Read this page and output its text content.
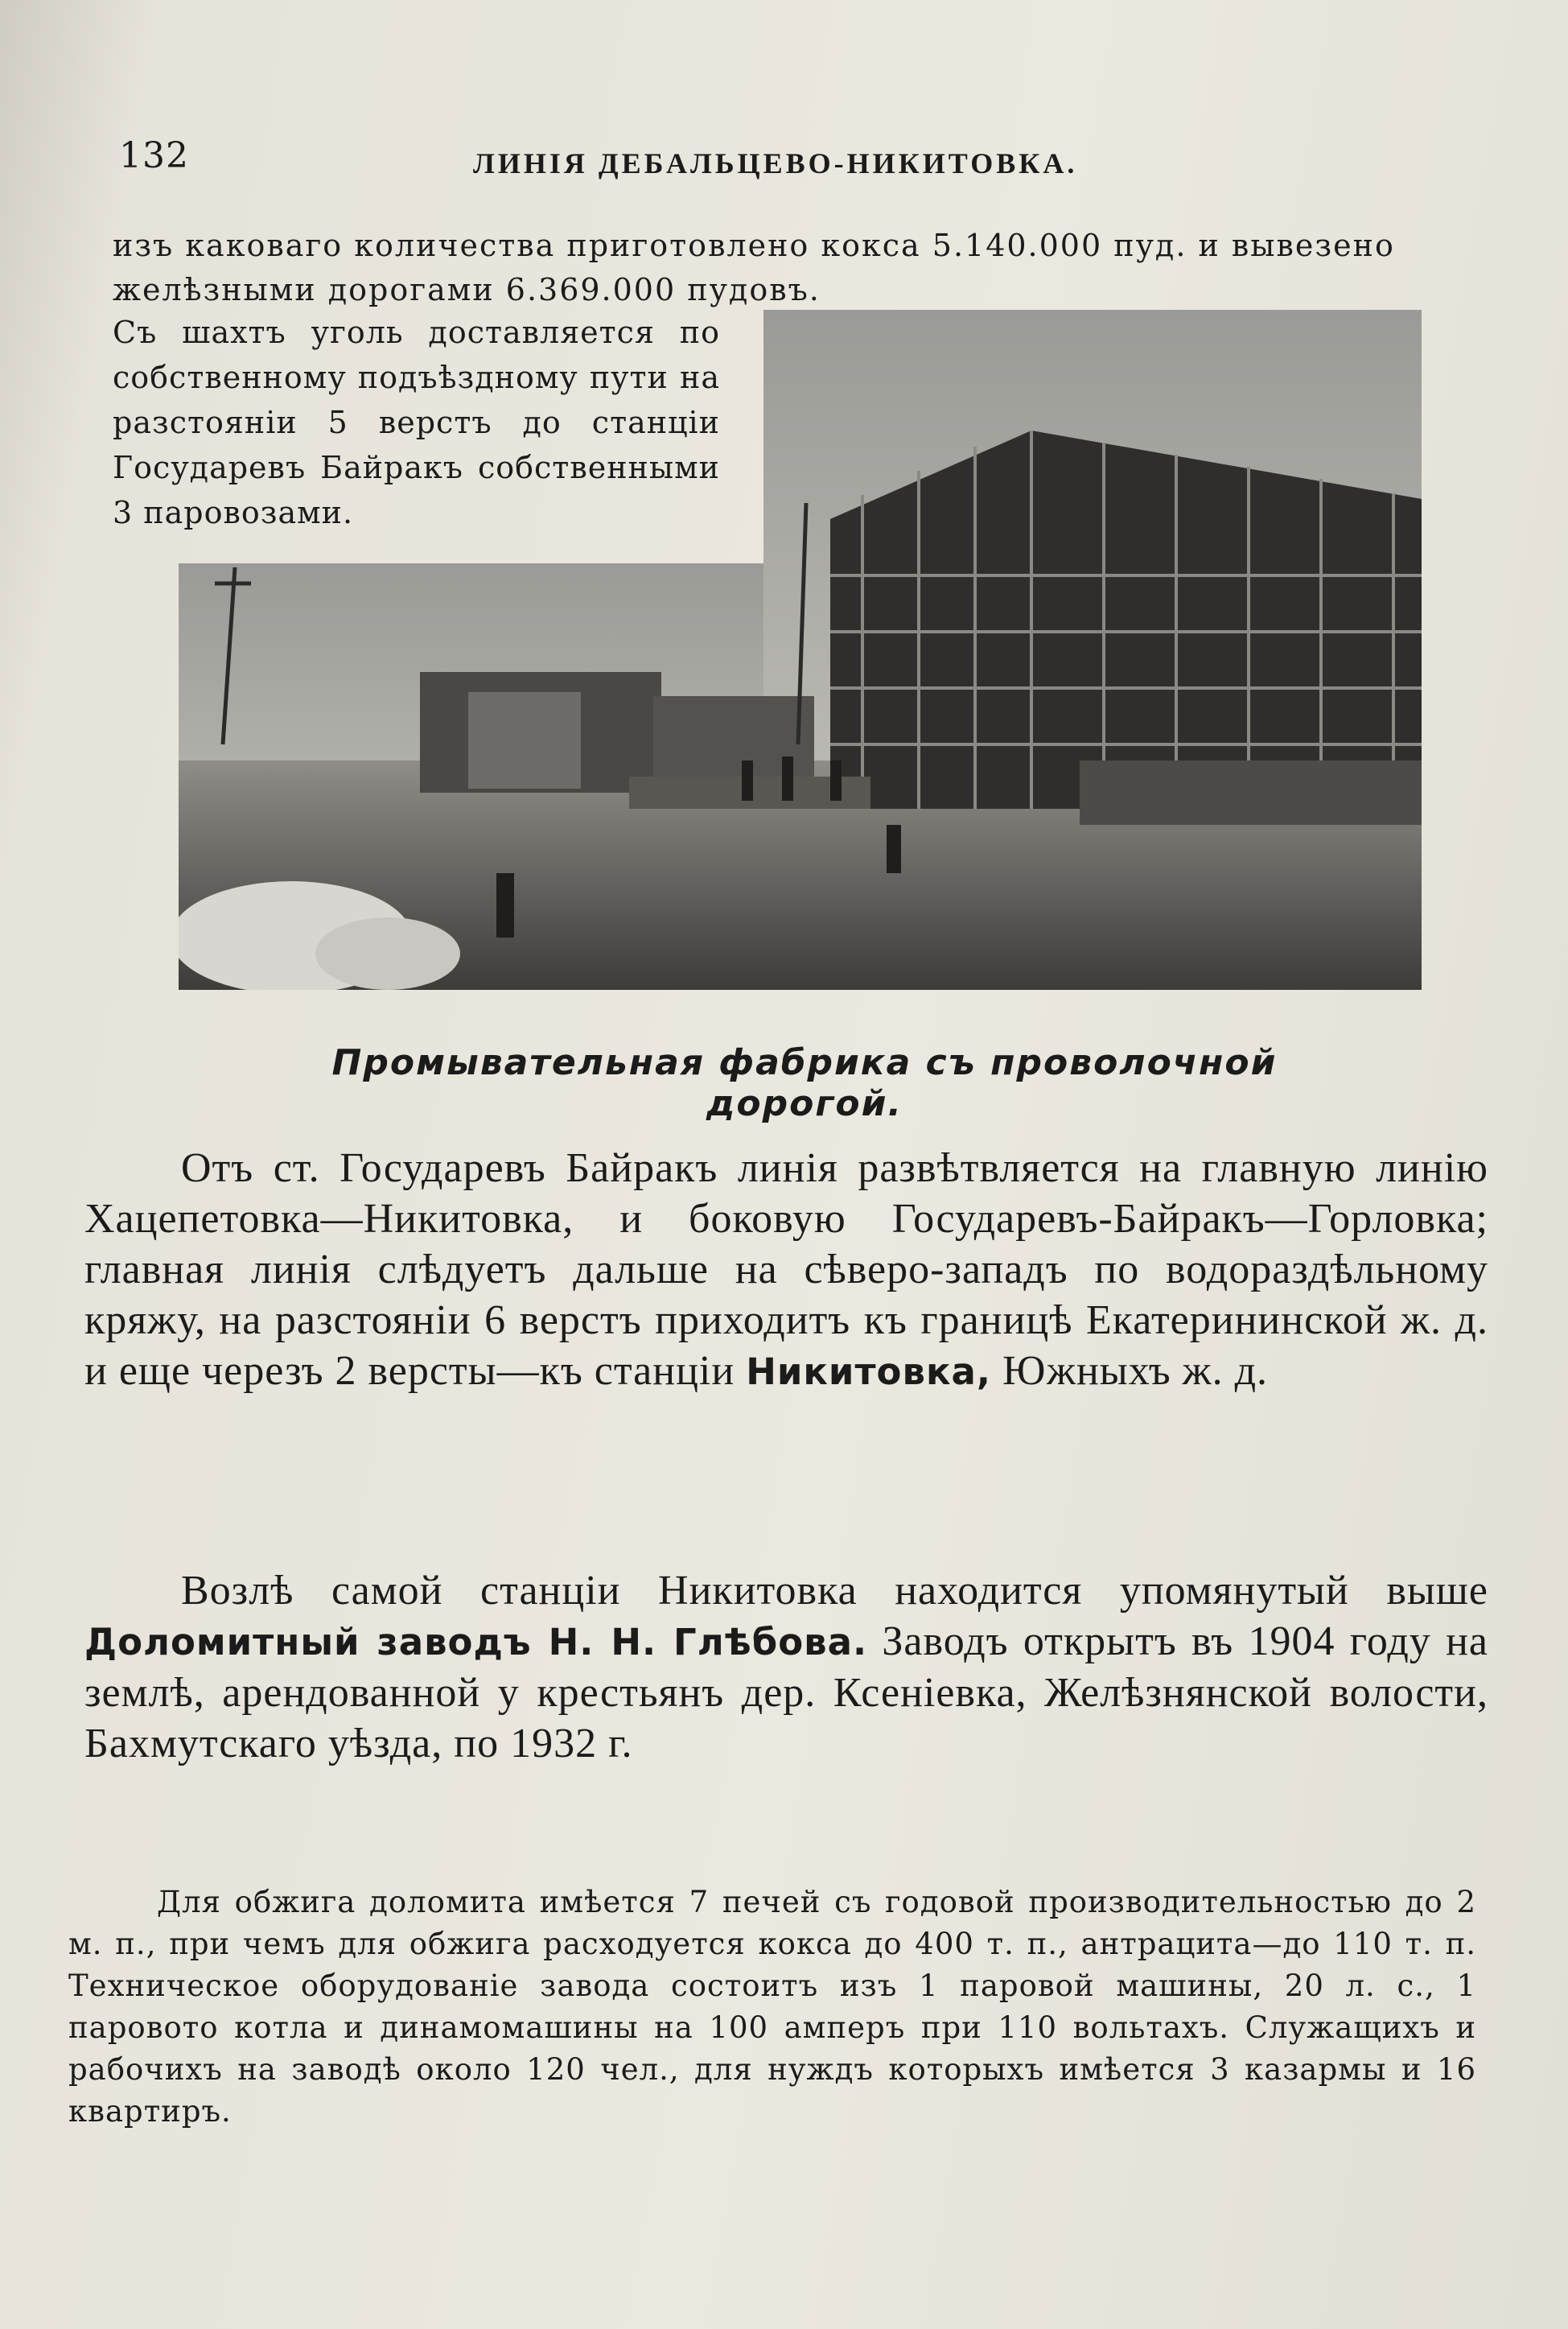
132	ЛИНІЯ ДЕБАЛЬЦЕВО-НИКИТОВКА.
изъ каковаго количества приготовлено кокса 5.140.000 пуд. и вывезено желѣзными дорогами 6.369.000 пудовъ.
Съ шахтъ уголь доставляется по собственному подъѣздному пути на разстояніи 5 верстъ до станціи Государевъ Байракъ собственными 3 паровозами.
Промывательная фабрика съ проволочной дорогой.
Отъ ст. Государевъ Байракъ линія развѣтвляется на главную линію Хацепетовка—Никитовка, и боковую Государевъ-Байракъ—Горловка; главная линія слѣдуетъ дальше на сѣверо-западъ по водораздѣльному кряжу, на разстояніи 6 верстъ приходитъ къ границѣ Екатерининской ж. д. и еще черезъ 2 версты—къ станціи Никитовка, Южныхъ ж. д.
Возлѣ самой станціи Никитовка находится упомянутый выше Доломитный заводъ Н. Н. Глѣбова. Заводъ открытъ въ 1904 году на землѣ, арендованной у крестьянъ дер. Ксеніевка, Желѣзнянской волости, Бахмутскаго уѣзда, по 1932 г.
Для обжига доломита имѣется 7 печей съ годовой производительностью до 2 м. п., при чемъ для обжига расходуется кокса до 400 т. п., антрацита—до 110 т. п. Техническое оборудованіе завода состоитъ изъ 1 паровой машины, 20 л. с., 1 паровото котла и динамомашины на 100 амперъ при 110 вольтахъ. Служащихъ и рабочихъ на заводѣ около 120 чел., для нуждъ которыхъ имѣется 3 казармы и 16 квартиръ.
